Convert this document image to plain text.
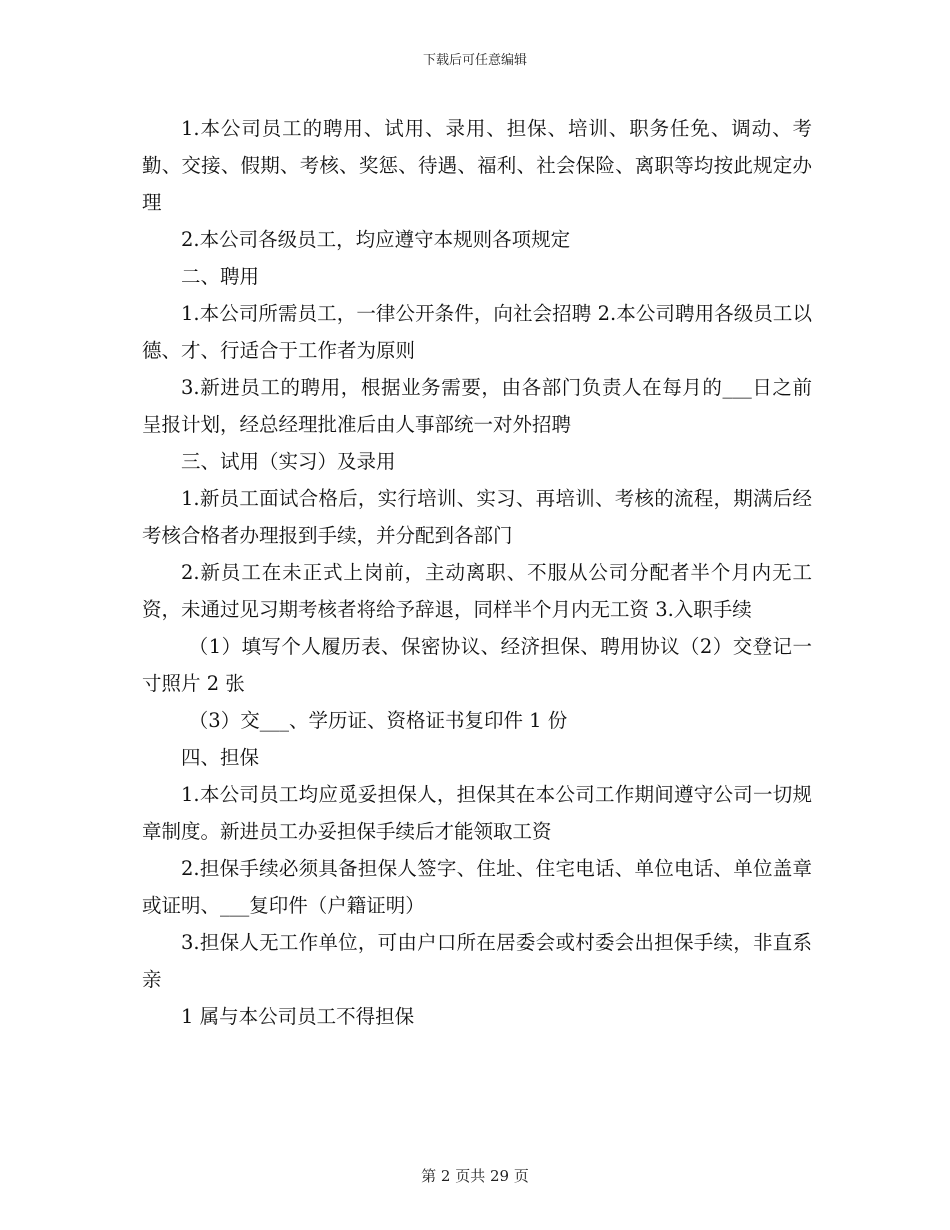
下载后可任意编辑

1.本公司员工的聘用、试用、录用、担保、培训、职务任免、调动、考勤、交接、假期、考核、奖惩、待遇、福利、社会保险、离职等均按此规定办理

2.本公司各级员工，均应遵守本规则各项规定

二、聘用

1.本公司所需员工，一律公开条件，向社会招聘 2.本公司聘用各级员工以德、才、行适合于工作者为原则

3.新进员工的聘用，根据业务需要，由各部门负责人在每月的___日之前呈报计划，经总经理批准后由人事部统一对外招聘

三、试用（实习）及录用

1.新员工面试合格后，实行培训、实习、再培训、考核的流程，期满后经考核合格者办理报到手续，并分配到各部门

2.新员工在未正式上岗前，主动离职、不服从公司分配者半个月内无工资，未通过见习期考核者将给予辞退，同样半个月内无工资 3.入职手续

（1）填写个人履历表、保密协议、经济担保、聘用协议（2）交登记一寸照片 2 张

（3）交___、学历证、资格证书复印件 1 份

四、担保

1.本公司员工均应觅妥担保人，担保其在本公司工作期间遵守公司一切规章制度。新进员工办妥担保手续后才能领取工资

2.担保手续必须具备担保人签字、住址、住宅电话、单位电话、单位盖章或证明、___复印件（户籍证明）

3.担保人无工作单位，可由户口所在居委会或村委会出担保手续，非直系亲

1 属与本公司员工不得担保

第 2 页共 29 页
